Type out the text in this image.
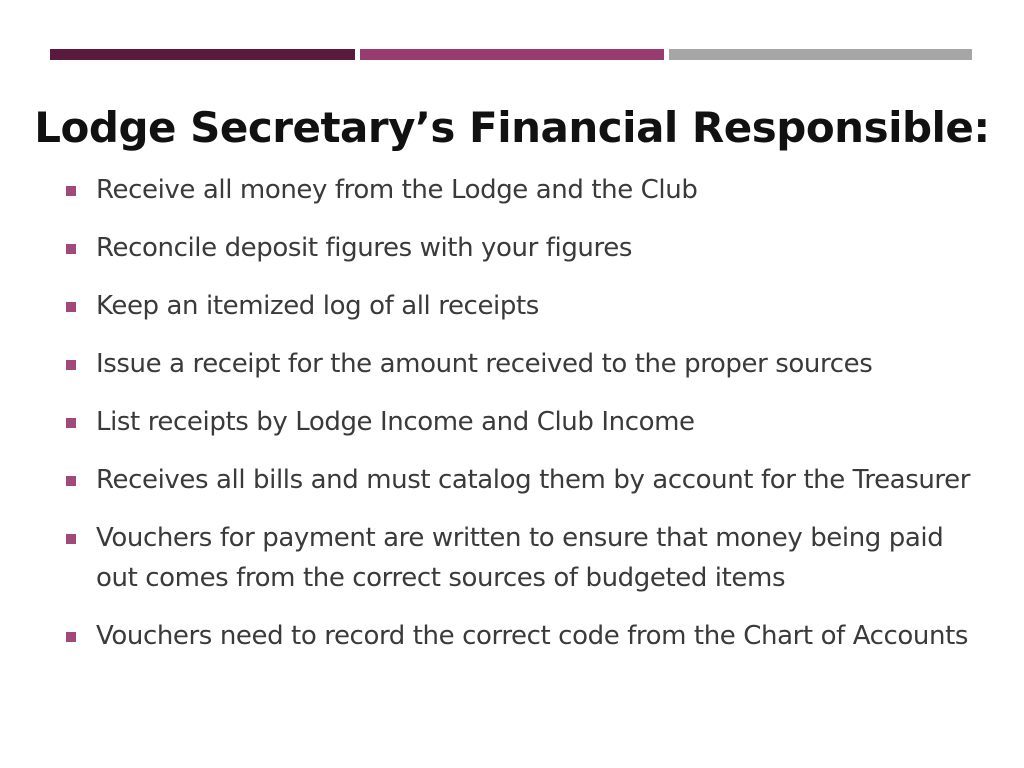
Lodge Secretary’s Financial Responsible:
Receive all money from the Lodge and the Club
Reconcile deposit figures with your figures
Keep an itemized log of all receipts
Issue a receipt for the amount received to the proper sources
List receipts by Lodge Income and Club Income
Receives all bills and must catalog them by account for the Treasurer
Vouchers for payment are written to ensure that money being paid out comes from the correct sources of budgeted items
Vouchers need to record the correct code from the Chart of Accounts
